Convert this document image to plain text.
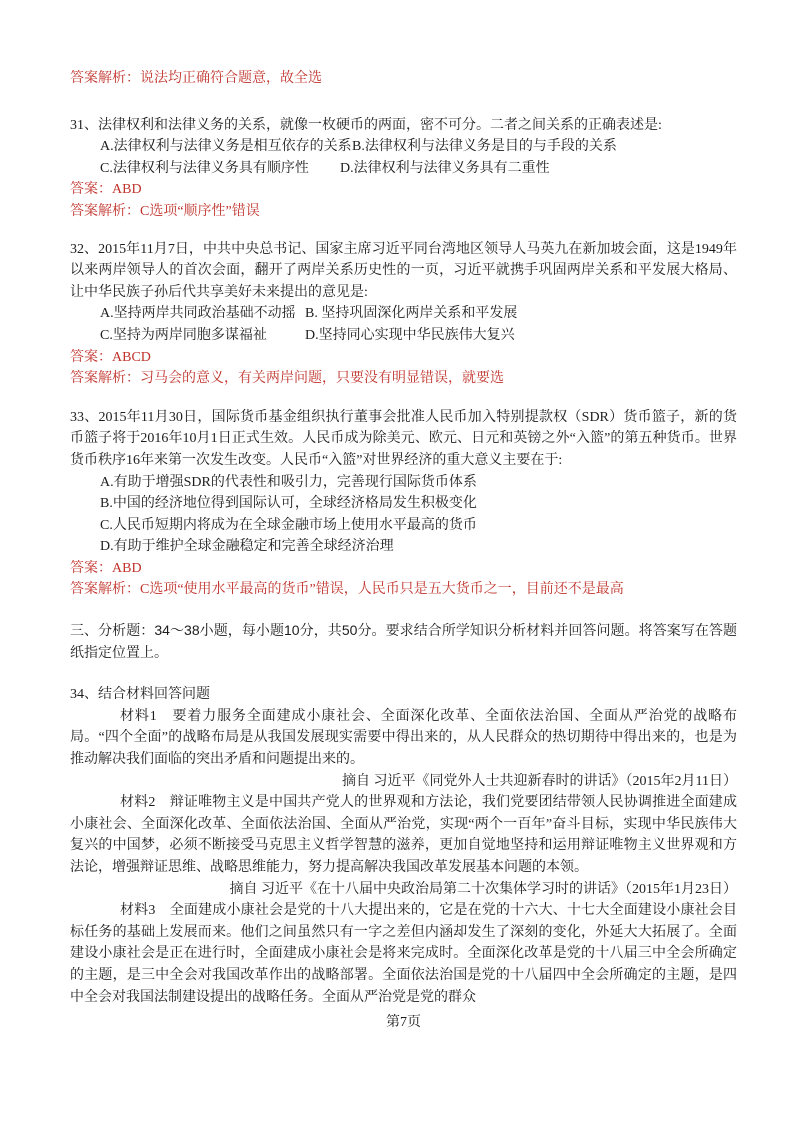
答案解析：说法均正确符合题意，故全选
31、法律权利和法律义务的关系，就像一枚硬币的两面，密不可分。二者之间关系的正确表述是:
A.法律权利与法律义务是相互依存的关系B.法律权利与法律义务是目的与手段的关系
C.法律权利与法律义务具有顺序性 D.法律权利与法律义务具有二重性
答案：ABD
答案解析：C选项“顺序性”错误
32、2015年11月7日，中共中央总书记、国家主席习近平同台湾地区领导人马英九在新加坡会面，这是1949年以来两岸领导人的首次会面，翻开了两岸关系历史性的一页，习近平就携手巩固两岸关系和平发展大格局、让中华民族子孙后代共享美好未来提出的意见是:
A.坚持两岸共同政治基础不动摇 B. 坚持巩固深化两岸关系和平发展
C.坚持为两岸同胞多谋福祉	D.坚持同心实现中华民族伟大复兴
答案：ABCD
答案解析：习马会的意义，有关两岸问题，只要没有明显错误，就要选
33、2015年11月30日，国际货币基金组织执行董事会批准人民币加入特别提款权（SDR）货币篮子，新的货币篮子将于2016年10月1日正式生效。人民币成为除美元、欧元、日元和英镑之外“入篮”的第五种货币。世界货币秩序16年来第一次发生改变。人民币“入篮”对世界经济的重大意义主要在于:
A.有助于增强SDR的代表性和吸引力，完善现行国际货币体系
B.中国的经济地位得到国际认可，全球经济格局发生积极变化
C.人民币短期内将成为在全球金融市场上使用水平最高的货币
D.有助于维护全球金融稳定和完善全球经济治理
答案：ABD
答案解析：C选项“使用水平最高的货币”错误，人民币只是五大货币之一，目前还不是最高
三、分析题：34～38小题，每小题10分，共50分。要求结合所学知识分析材料并回答问题。将答案写在答题纸指定位置上。
34、结合材料回答问题
材料1　要着力服务全面建成小康社会、全面深化改革、全面依法治国、全面从严治党的战略布局。“四个全面”的战略布局是从我国发展现实需要中得出来的，从人民群众的热切期待中得出来的，也是为推动解决我们面临的突出矛盾和问题提出来的。
摘自 习近平《同党外人士共迎新春时的讲话》（2015年2月11日）
材料2　辩证唯物主义是中国共产党人的世界观和方法论，我们党要团结带领人民协调推进全面建成小康社会、全面深化改革、全面依法治国、全面从严治党，实现“两个一百年”奋斗目标，实现中华民族伟大复兴的中国梦，必须不断接受马克思主义哲学智慧的滋养，更加自觉地坚持和运用辩证唯物主义世界观和方法论，增强辩证思维、战略思维能力，努力提高解决我国改革发展基本问题的本领。
摘自 习近平《在十八届中央政治局第二十次集体学习时的讲话》（2015年1月23日）
材料3　全面建成小康社会是党的十八大提出来的，它是在党的十六大、十七大全面建设小康社会目标任务的基础上发展而来。他们之间虽然只有一字之差但内涵却发生了深刻的变化，外延大大拓展了。全面建设小康社会是正在进行时，全面建成小康社会是将来完成时。全面深化改革是党的十八届三中全会所确定的主题，是三中全会对我国改革作出的战略部署。全面依法治国是党的十八届四中全会所确定的主题，是四中全会对我国法制建设提出的战略任务。全面从严治党是党的群众
第7页
